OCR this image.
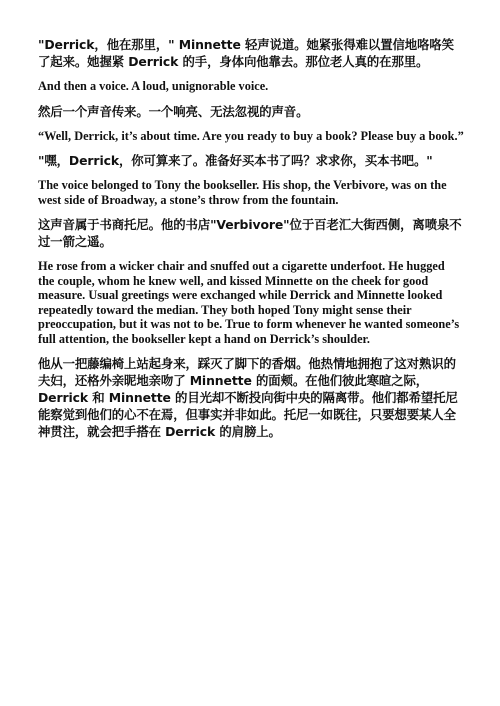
"Derrick，他在那里，" Minnette 轻声说道。她紧张得难以置信地咯咯笑了起来。她握紧 Derrick 的手，身体向他靠去。那位老人真的在那里。

And then a voice. A loud, unignorable voice.

然后一个声音传来。一个响亮、无法忽视的声音。

“Well, Derrick, it’s about time. Are you ready to buy a book? Please buy a book.”

"嘿，Derrick，你可算来了。准备好买本书了吗？求求你，买本书吧。"

The voice belonged to Tony the bookseller. His shop, the Verbivore, was on the west side of Broadway, a stone’s throw from the fountain.

这声音属于书商托尼。他的书店"Verbivore"位于百老汇大街西侧，离喷泉不过一箭之遥。

He rose from a wicker chair and snuffed out a cigarette underfoot. He hugged the couple, whom he knew well, and kissed Minnette on the cheek for good measure. Usual greetings were exchanged while Derrick and Minnette looked repeatedly toward the median. They both hoped Tony might sense their preoccupation, but it was not to be. True to form whenever he wanted someone’s full attention, the bookseller kept a hand on Derrick’s shoulder.

他从一把藤编椅上站起身来，踩灭了脚下的香烟。他热情地拥抱了这对熟识的夫妇，还格外亲昵地亲吻了 Minnette 的面颊。在他们彼此寒暄之际，Derrick 和 Minnette 的目光却不断投向街中央的隔离带。他们都希望托尼能察觉到他们的心不在焉，但事实并非如此。托尼一如既往，只要想要某人全神贯注，就会把手搭在 Derrick 的肩膀上。
